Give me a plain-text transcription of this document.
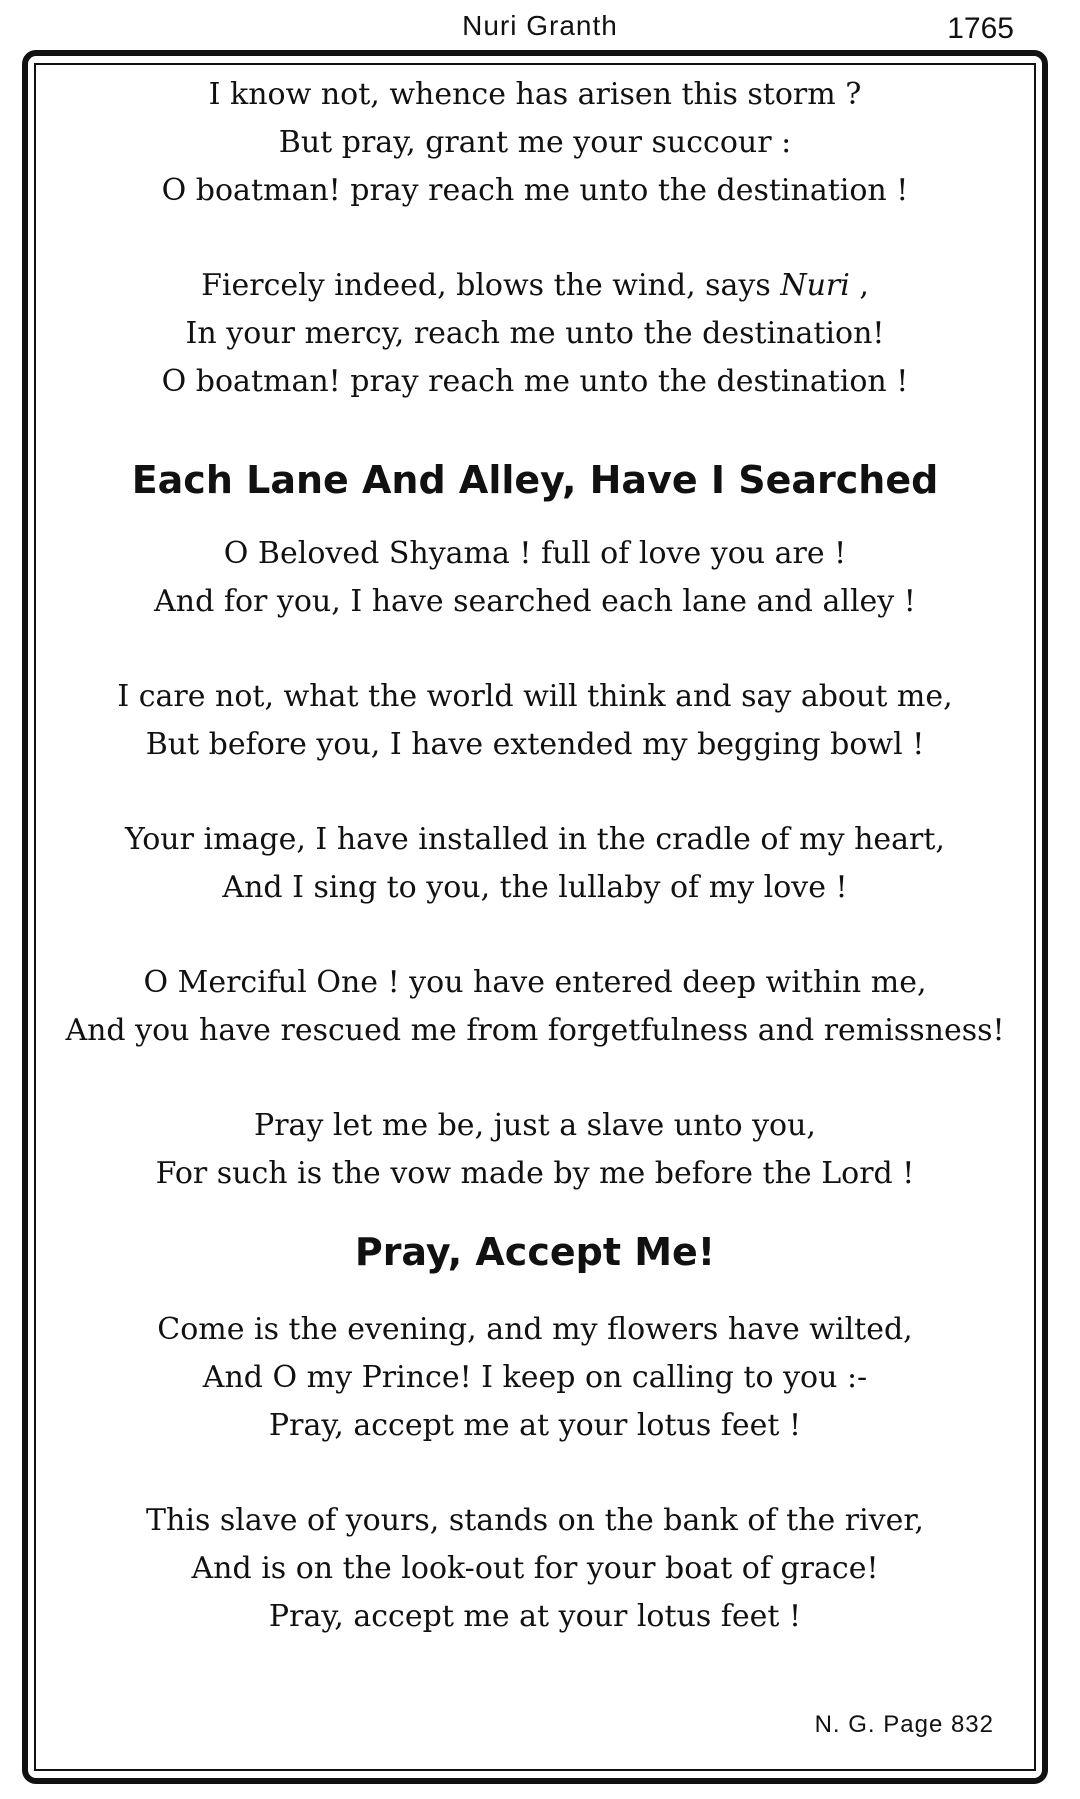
Nuri Granth	1765
I know not, whence has arisen this storm ?
But pray, grant me your succour :
O boatman! pray reach me unto the destination !
Fiercely indeed, blows the wind, says Nuri ,
In your mercy, reach me unto the destination!
O boatman! pray reach me unto the destination !
Each Lane And Alley, Have I Searched
O Beloved Shyama ! full of love you are !
And for you, I have searched each lane and alley !
I care not, what the world will think and say about me,
But before you, I have extended my begging bowl !
Your image, I have installed in the cradle of my heart,
And I sing to you, the lullaby of my love !
O Merciful One ! you have entered deep within me,
And you have rescued me from forgetfulness and remissness!
Pray let me be, just a slave unto you,
For such is the vow made by me before the Lord !
Pray, Accept Me!
Come is the evening, and my flowers have wilted,
And O my Prince! I keep on calling to you :-
Pray, accept me at your lotus feet !
This slave of yours, stands on the bank of the river,
And is on the look-out for your boat of grace!
Pray, accept me at your lotus feet !
N. G. Page 832
